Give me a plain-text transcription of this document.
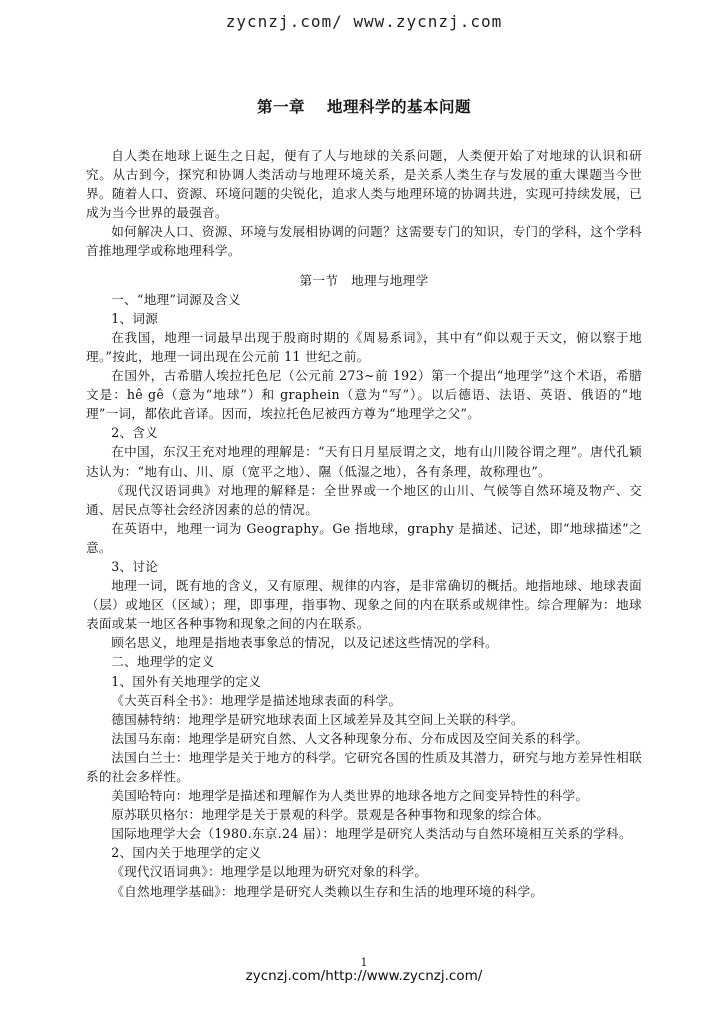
zycnzj.com/ www.zycnzj.com
第一章　 地理科学的基本问题

自人类在地球上诞生之日起，便有了人与地球的关系问题，人类便开始了对地球的认识和研究。从古到今，探究和协调人类活动与地理环境关系，是关系人类生存与发展的重大课题当今世界。随着人口、资源、环境问题的尖锐化，追求人类与地理环境的协调共进，实现可持续发展，已成为当今世界的最强音。

如何解决人口、资源、环境与发展相协调的问题？这需要专门的知识，专门的学科，这个学科首推地理学或称地理科学。

第一节　地理与地理学

一、“地理”词源及含义

1、词源

在我国，地理一词最早出现于殷商时期的《周易系词》，其中有“仰以观于天文，俯以察于地理。”按此，地理一词出现在公元前 11 世纪之前。

在国外，古希腊人埃拉托色尼（公元前 273~前 192）第一个提出“地理学”这个术语，希腊文是：hê gê（意为“地球”）和 graphein（意为“写”）。以后德语、法语、英语、俄语的“地理”一词，都依此音译。因而，埃拉托色尼被西方尊为“地理学之父”。

2、含义

在中国，东汉王充对地理的理解是：“天有日月星辰谓之文，地有山川陵谷谓之理”。唐代孔颖达认为：“地有山、川、原（宽平之地）、隰（低湿之地），各有条理，故称理也”。

《现代汉语词典》对地理的解释是：全世界或一个地区的山川、气候等自然环境及物产、交通、居民点等社会经济因素的总的情况。

在英语中，地理一词为 Geography。Ge 指地球，graphy 是描述、记述，即“地球描述”之意。

3、讨论

地理一词，既有地的含义，又有原理、规律的内容，是非常确切的概括。地指地球、地球表面（层）或地区（区域）；理，即事理，指事物、现象之间的内在联系或规律性。综合理解为：地球表面或某一地区各种事物和现象之间的内在联系。

顾名思义，地理是指地表事象总的情况，以及记述这些情况的学科。

二、地理学的定义

1、国外有关地理学的定义

《大英百科全书》：地理学是描述地球表面的科学。

德国赫特纳：地理学是研究地球表面上区域差异及其空间上关联的科学。

法国马东南：地理学是研究自然、人文各种现象分布、分布成因及空间关系的科学。

法国白兰士：地理学是关于地方的科学。它研究各国的性质及其潜力，研究与地方差异性相联系的社会多样性。

美国哈特向：地理学是描述和理解作为人类世界的地球各地方之间变异特性的科学。

原苏联贝格尔：地理学是关于景观的科学。景观是各种事物和现象的综合体。

国际地理学大会（1980.东京.24 届）：地理学是研究人类活动与自然环境相互关系的学科。

2、国内关于地理学的定义

《现代汉语词典》：地理学是以地理为研究对象的科学。

《自然地理学基础》：地理学是研究人类赖以生存和生活的地理环境的科学。

1
zycnzj.com/http://www.zycnzj.com/
